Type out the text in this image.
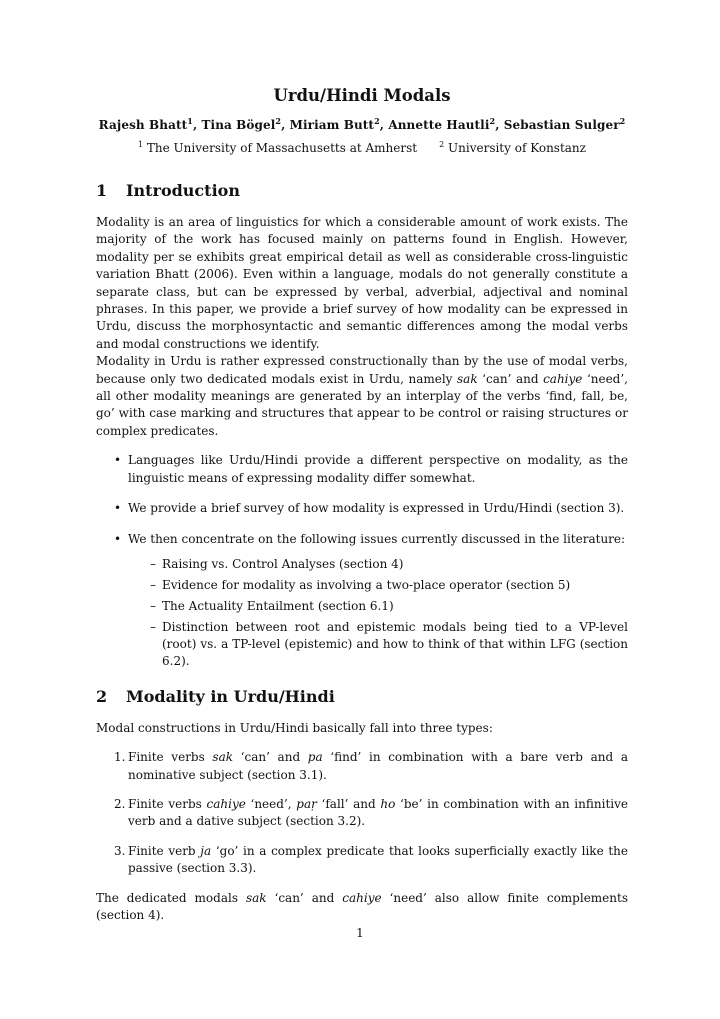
Urdu/Hindi Modals
Rajesh Bhatt$^1$, Tina Bögel$^2$, Miriam Butt$^2$, Annette Hautli$^2$, Sebastian Sulger$^2$
$^1$ The University of Massachusetts at Amherst	$^2$ University of Konstanz
1 Introduction

Modality is an area of linguistics for which a considerable amount of work exists. The majority of the work has focused mainly on patterns found in English. However, modality per se exhibits great empirical detail as well as considerable cross-linguistic variation Bhatt (2006). Even within a language, modals do not generally constitute a separate class, but can be expressed by verbal, adverbial, adjectival and nominal phrases. In this paper, we provide a brief survey of how modality can be expressed in Urdu, discuss the morphosyntactic and semantic differences among the modal verbs and modal constructions we identify.

Modality in Urdu is rather expressed constructionally than by the use of modal verbs, because only two dedicated modals exist in Urdu, namely sak ‘can’ and cahiye ‘need’, all other modality meanings are generated by an interplay of the verbs ‘find, fall, be, go’ with case marking and structures that appear to be control or raising structures or complex predicates.

• Languages like Urdu/Hindi provide a different perspective on modality, as the linguistic means of expressing modality differ somewhat.
• We provide a brief survey of how modality is expressed in Urdu/Hindi (section 3).
• We then concentrate on the following issues currently discussed in the literature:
– Raising vs. Control Analyses (section 4)
– Evidence for modality as involving a two-place operator (section 5)
– The Actuality Entailment (section 6.1)
– Distinction between root and epistemic modals being tied to a VP-level (root) vs. a TP-level (epistemic) and how to think of that within LFG (section 6.2).
2 Modality in Urdu/Hindi

Modal constructions in Urdu/Hindi basically fall into three types:

1. Finite verbs sak ‘can’ and pa ‘find’ in combination with a bare verb and a nominative subject (section 3.1).
2. Finite verbs cahiye ‘need’, paṛ ‘fall’ and ho ‘be’ in combination with an infinitive verb and a dative subject (section 3.2).
3. Finite verb ja ‘go’ in a complex predicate that looks superficially exactly like the passive (section 3.3).

The dedicated modals sak ‘can’ and cahiye ‘need’ also allow finite complements (section 4).

1
